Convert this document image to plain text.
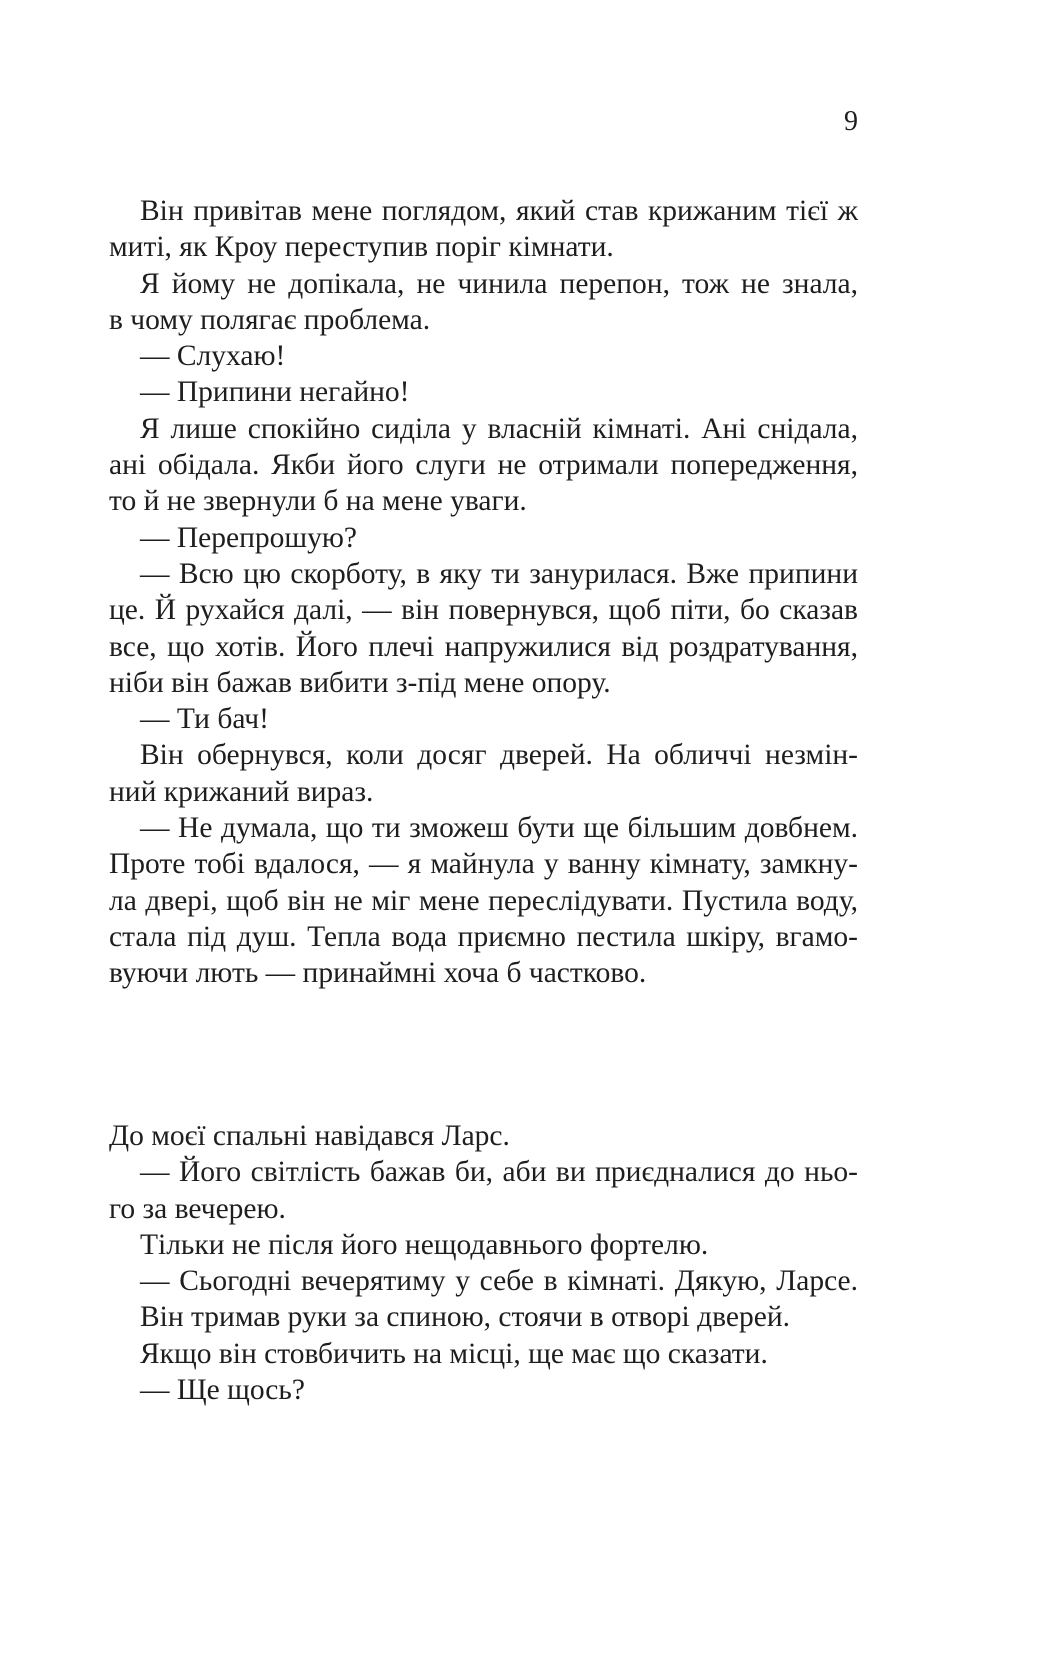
9
Він привітав мене поглядом, який став крижаним тієї ж
миті, як Кроу переступив поріг кімнати.
Я йому не допікала, не чинила перепон, тож не знала,
в чому полягає проблема.
— Слухаю!
— Припини негайно!
Я лише спокійно сиділа у власній кімнаті. Ані снідала,
ані обідала. Якби його слуги не отримали попередження,
то й не звернули б на мене уваги.
— Перепрошую?
— Всю цю скорботу, в яку ти занурилася. Вже припини
це. Й рухайся далі, — він повернувся, щоб піти, бо сказав
все, що хотів. Його плечі напружилися від роздратування,
ніби він бажав вибити з-під мене опору.
— Ти бач!
Він обернувся, коли досяг дверей. На обличчі незмін-
ний крижаний вираз.
— Не думала, що ти зможеш бути ще більшим довбнем.
Проте тобі вдалося, — я майнула у ванну кімнату, замкну-
ла двері, щоб він не міг мене переслідувати. Пустила воду,
стала під душ. Тепла вода приємно пестила шкіру, вгамо-
вуючи лють — принаймні хоча б частково.
До моєї спальні навідався Ларс.
— Його світлість бажав би, аби ви приєдналися до ньо-
го за вечерею.
Тільки не після його нещодавнього фортелю.
— Сьогодні вечерятиму у себе в кімнаті. Дякую, Ларсе.
Він тримав руки за спиною, стоячи в отворі дверей.
Якщо він стовбичить на місці, ще має що сказати.
— Ще щось?
